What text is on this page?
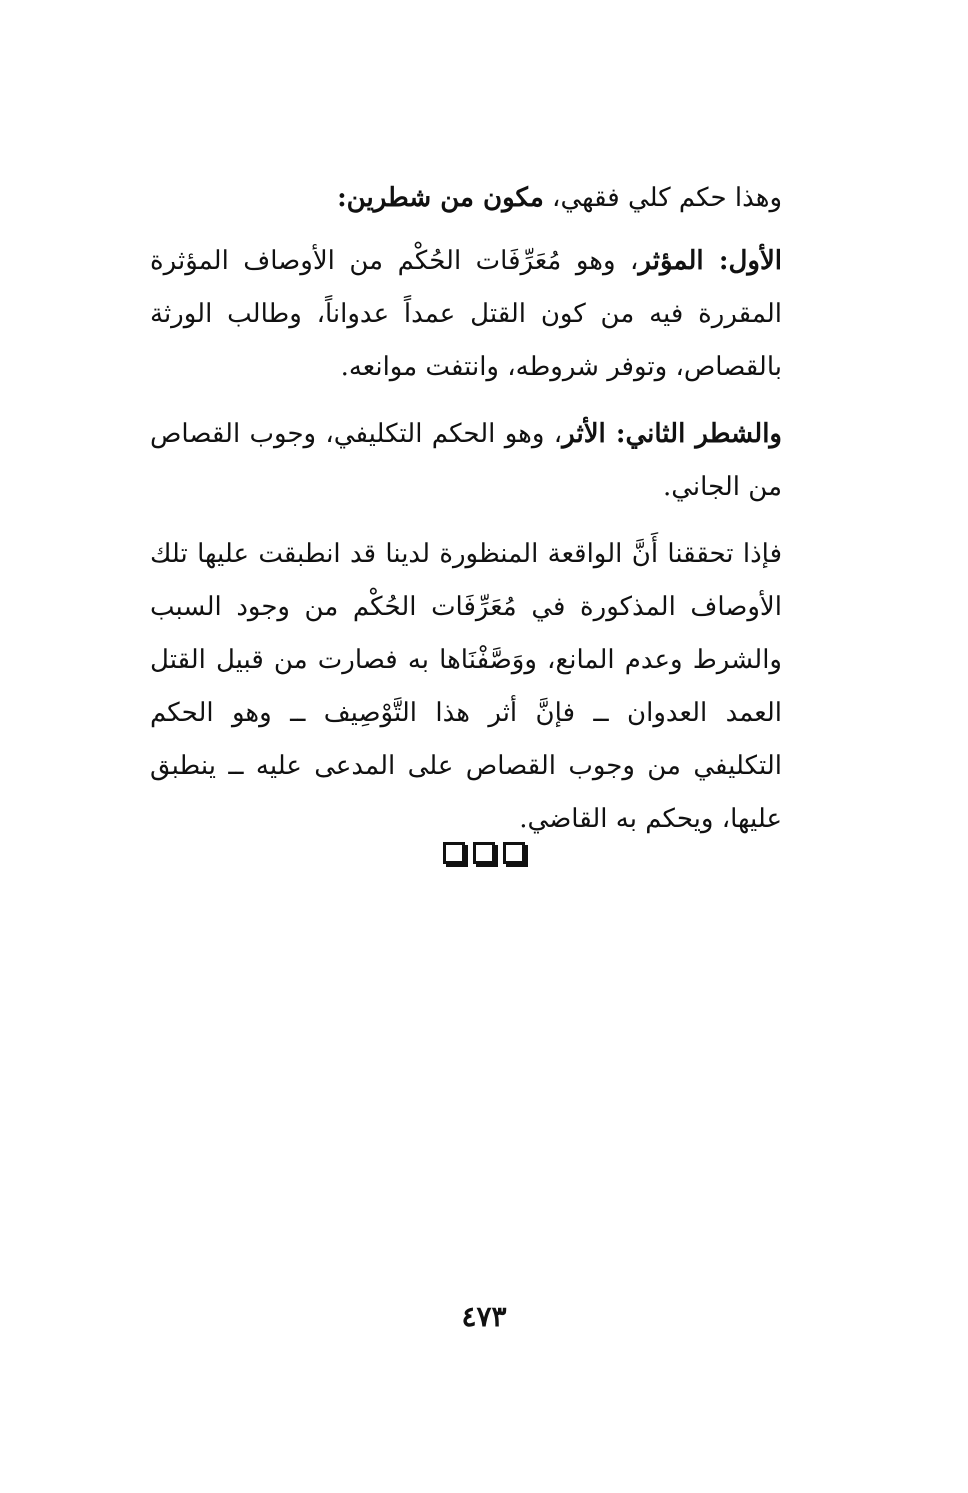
وهذا حكم كلي فقهي، مكون من شطرين:

الأول: المؤثر، وهو مُعَرِّفَات الحُكْم من الأوصاف المؤثرة المقررة فيه من كون القتل عمداً عدواناً، وطالب الورثة بالقصاص، وتوفر شروطه، وانتفت موانعه.

والشطر الثاني: الأثر، وهو الحكم التكليفي، وجوب القصاص من الجاني.

فإذا تحققنا أَنَّ الواقعة المنظورة لدينا قد انطبقت عليها تلك الأوصاف المذكورة في مُعَرِّفَات الحُكْم من وجود السبب والشرط وعدم المانع، ووَصَّفْنَاها به فصارت من قبيل القتل العمد العدوان ــ فإنَّ أثر هذا التَّوْصِيف ــ وهو الحكم التكليفي من وجوب القصاص على المدعى عليه ــ ينطبق عليها، ويحكم به القاضي.

٤٧٣
